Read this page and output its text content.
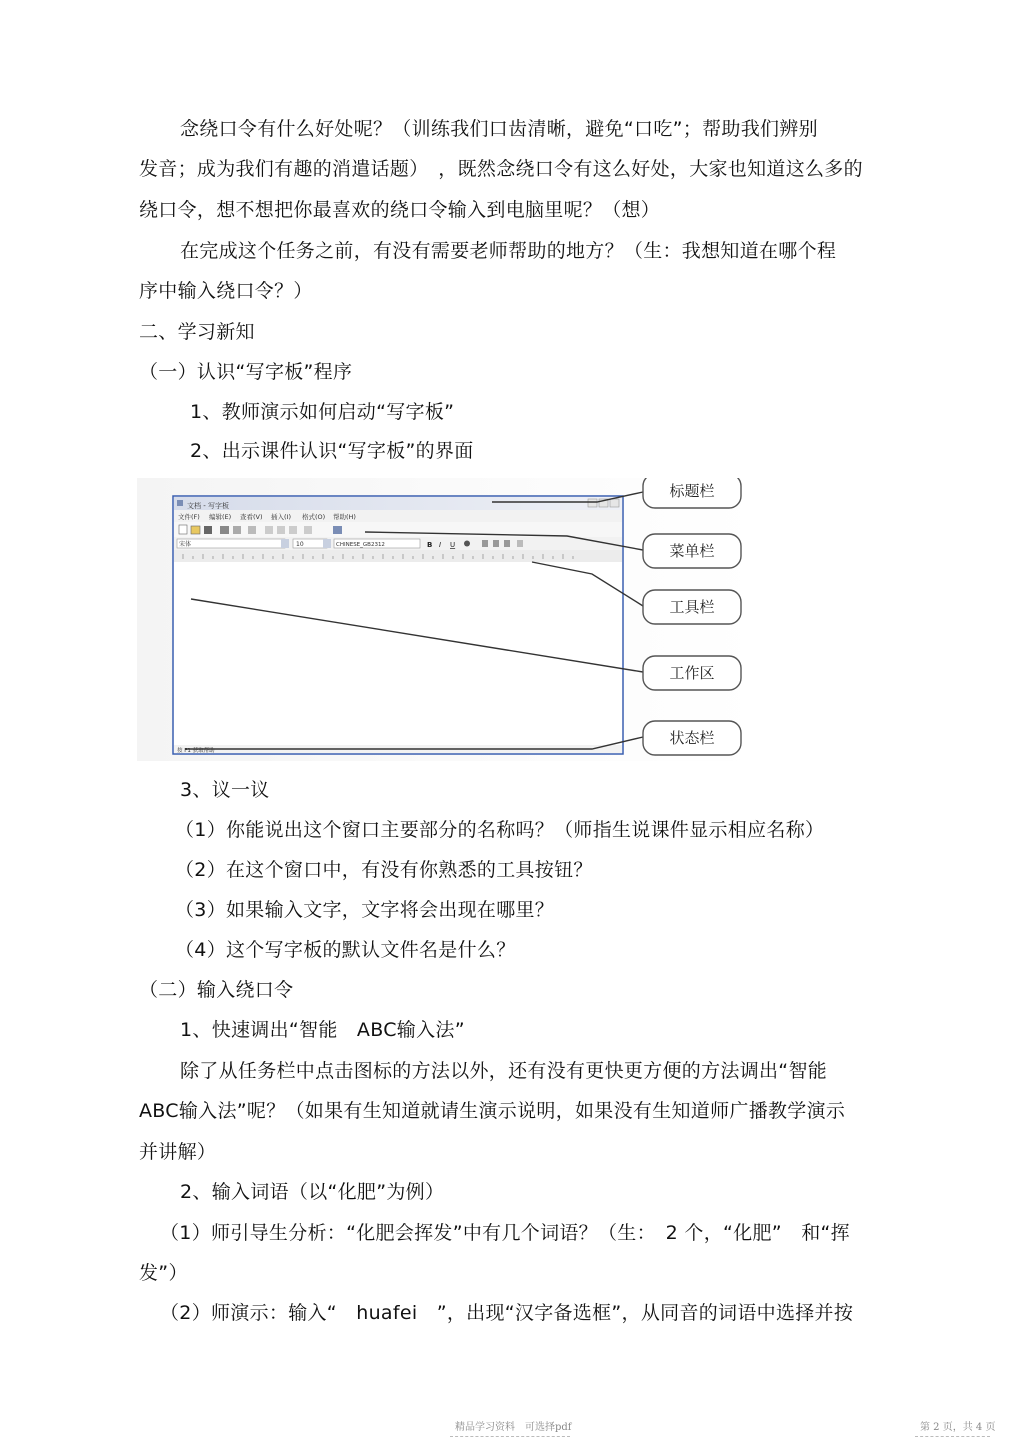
念绕口令有什么好处呢？（训练我们口齿清晰，避免“口吃”；帮助我们辨别
发音；成为我们有趣的消遣话题）　，既然念绕口令有这么好处，大家也知道这么多的
绕口令，想不想把你最喜欢的绕口令输入到电脑里呢？（想）
在完成这个任务之前，有没有需要老师帮助的地方？（生：我想知道在哪个程
序中输入绕口令？）
二、学习新知
（一）认识“写字板”程序
1、教师演示如何启动“写字板”
2、出示课件认识“写字板”的界面
文档 - 写字板
文件(F) 编辑(E) 查看(V) 插入(I) 格式(O) 帮助(H)
宋体	10	CHINESE_GB2312	B I U
按 F1 获取帮助
标题栏
菜单栏
工具栏
工作区
状态栏
3、议一议
（1）你能说出这个窗口主要部分的名称吗？（师指生说课件显示相应名称）
（2）在这个窗口中，有没有你熟悉的工具按钮？
（3）如果输入文字，文字将会出现在哪里？
（4）这个写字板的默认文件名是什么？
（二）输入绕口令
1、快速调出“智能　ABC输入法”
除了从任务栏中点击图标的方法以外，还有没有更快更方便的方法调出“智能
ABC输入法”呢？（如果有生知道就请生演示说明，如果没有生知道师广播教学演示
并讲解）
2、输入词语（以“化肥”为例）
（1）师引导生分析：“化肥会挥发”中有几个词语？（生：　2 个，“化肥”　和“挥
发”）
（2）师演示：输入“　huafei　”，出现“汉字备选框”，从同音的词语中选择并按
精品学习资料　可选择pdf	第 2 页，共 4 页
